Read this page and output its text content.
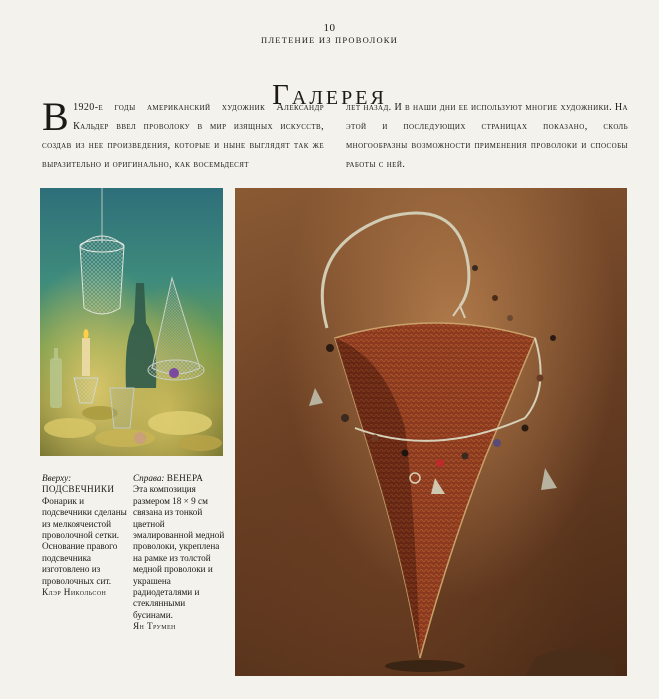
10
ПЛЕТЕНИЕ ИЗ ПРОВОЛОКИ
Галерея
В 1920-е годы американский художник Александр Кальдер ввел проволоку в мир изящных искусств, создав из нее произведения, которые и ныне выглядят так же выразительно и оригинально, как восемьдесят
лет назад. И в наши дни ее используют многие художники. На этой и последующих страницах показано, сколь многообразны возможности применения проволоки и способы работы с ней.
Вверху:
ПОДСВЕЧНИКИ
Фонарик и подсвечники сделаны из мелкоячеистой проволочной сетки. Основание правого подсвечника изготовлено из проволочных сит.
Клэр Никольсон
Справа: ВЕНЕРА
Эта композиция размером 18 × 9 см связана из тонкой цветной эмалированной медной проволоки, укреплена на рамке из толстой медной проволоки и украшена радиодеталями и стеклянными бусинами.
Ян Трумен
